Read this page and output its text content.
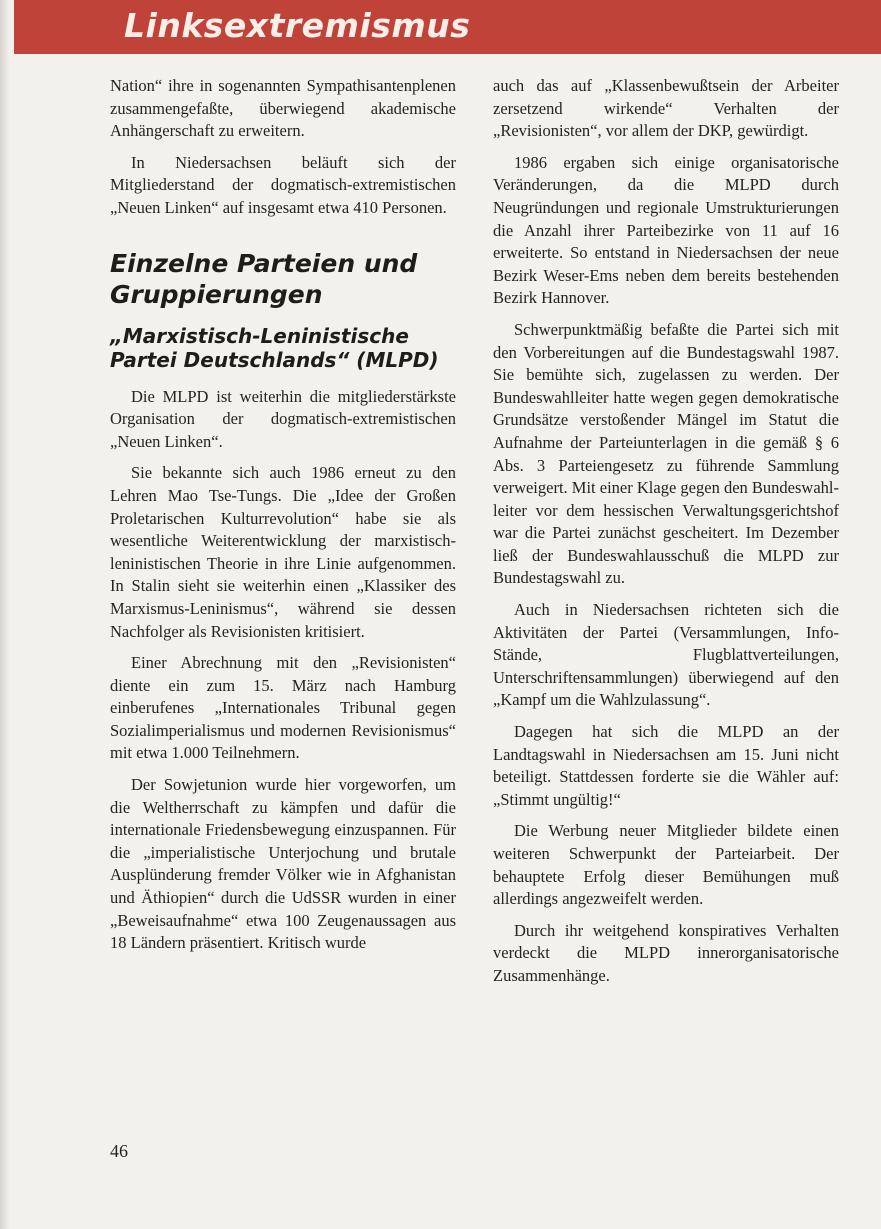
Linksextremismus

Nation“ ihre in sogenannten Sympathisantenplenen zusammengefaßte, überwiegend akademische Anhängerschaft zu erweitern.

In Niedersachsen beläuft sich der Mitgliederstand der dogmatisch-extremistischen „Neuen Linken“ auf insgesamt etwa 410 Personen.

Einzelne Parteien und Gruppierungen
„Marxistisch-Leninistische Partei Deutschlands“ (MLPD)

Die MLPD ist weiterhin die mitgliederstärkste Organisation der dogmatisch-extremistischen „Neuen Linken“.

Sie bekannte sich auch 1986 erneut zu den Lehren Mao Tse-Tungs. Die „Idee der Großen Proletarischen Kulturrevolution“ habe sie als wesentliche Weiterentwicklung der marxistisch-leninistischen Theorie in ihre Linie aufgenommen. In Stalin sieht sie weiterhin einen „Klassiker des Marxismus-Leninismus“, während sie dessen Nachfolger als Revisionisten kritisiert.

Einer Abrechnung mit den „Revisionisten“ diente ein zum 15. März nach Hamburg einberufenes „Internationales Tribunal gegen Sozialimperialismus und modernen Revisionismus“ mit etwa 1.000 Teilnehmern.

Der Sowjetunion wurde hier vorgeworfen, um die Weltherrschaft zu kämpfen und dafür die internationale Friedensbewegung einzuspannen. Für die „imperialistische Unterjochung und brutale Ausplünderung fremder Völker wie in Afghanistan und Äthiopien“ durch die UdSSR wurden in einer „Beweisaufnahme“ etwa 100 Zeugenaussagen aus 18 Ländern präsentiert. Kritisch wurde

auch das auf „Klassenbewußtsein der Arbeiter zersetzend wirkende“ Verhalten der „Revisionisten“, vor allem der DKP, gewürdigt.

1986 ergaben sich einige organisatorische Veränderungen, da die MLPD durch Neugründungen und regionale Umstrukturierungen die Anzahl ihrer Parteibezirke von 11 auf 16 erweiterte. So entstand in Niedersachsen der neue Bezirk Weser-Ems neben dem bereits bestehenden Bezirk Hannover.

Schwerpunktmäßig befaßte die Partei sich mit den Vorbereitungen auf die Bundestagswahl 1987. Sie bemühte sich, zugelassen zu werden. Der Bundeswahlleiter hatte wegen gegen demokratische Grundsätze verstoßender Mängel im Statut die Aufnahme der Parteiunterlagen in die gemäß § 6 Abs. 3 Parteiengesetz zu führende Sammlung verweigert. Mit einer Klage gegen den Bundeswahlleiter vor dem hessischen Verwaltungsgerichtshof war die Partei zunächst gescheitert. Im Dezember ließ der Bundeswahlausschuß die MLPD zur Bundestagswahl zu.

Auch in Niedersachsen richteten sich die Aktivitäten der Partei (Versammlungen, Info-Stände, Flugblattverteilungen, Unterschriftensammlungen) überwiegend auf den „Kampf um die Wahlzulassung“.

Dagegen hat sich die MLPD an der Landtagswahl in Niedersachsen am 15. Juni nicht beteiligt. Stattdessen forderte sie die Wähler auf: „Stimmt ungültig!“

Die Werbung neuer Mitglieder bildete einen weiteren Schwerpunkt der Parteiarbeit. Der behauptete Erfolg dieser Bemühungen muß allerdings angezweifelt werden.

Durch ihr weitgehend konspiratives Verhalten verdeckt die MLPD innerorganisatorische Zusammenhänge.

46
